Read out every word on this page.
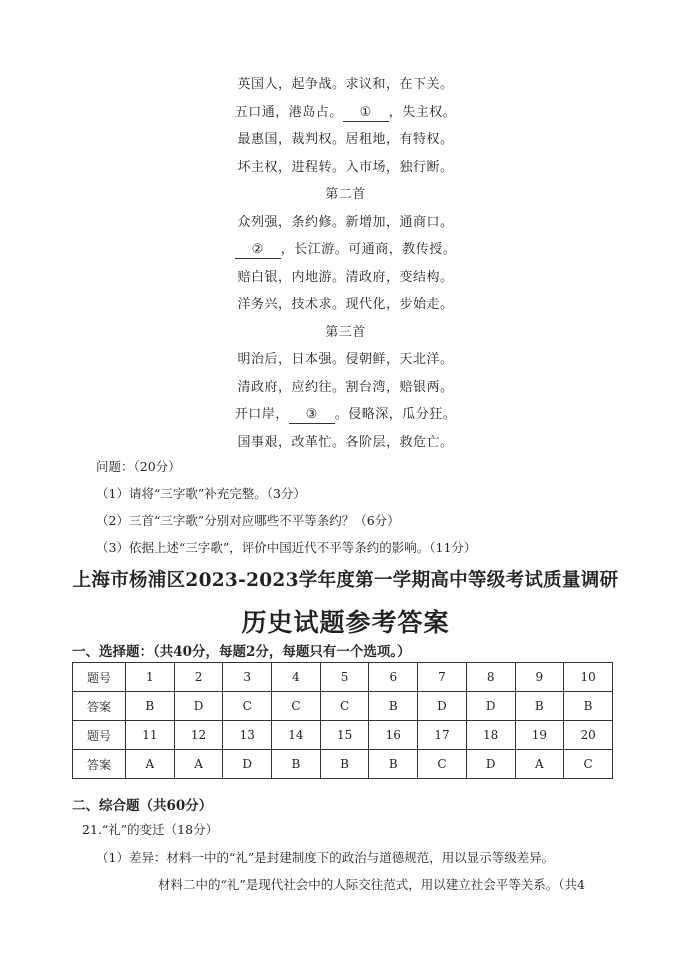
英国人，起争战。求议和，在下关。
五口通，港岛占。 ① ，失主权。
最惠国，裁判权。居租地，有特权。
坏主权，进程转。入市场，独行断。
第二首
众列强，条约修。新增加，通商口。
② ，长江游。可通商，教传授。
赔白银，内地游。清政府，变结构。
洋务兴，技术求。现代化，步始走。
第三首
明治后，日本强。侵朝鲜，天北洋。
清政府，应约往。割台湾，赔银两。
开口岸， ③ 。侵略深，瓜分狂。
国事艰，改革忙。各阶层，救危亡。
问题：（20分）
（1）请将“三字歌”补充完整。（3分）
（2）三首“三字歌”分别对应哪些不平等条约？（6分）
（3）依据上述“三字歌”，评价中国近代不平等条约的影响。（11分）
上海市杨浦区2023-2023学年度第一学期高中等级考试质量调研
历史试题参考答案
一、选择题：（共40分，每题2分，每题只有一个选项。）
题号	1	2	3	4	5	6	7	8	9	10
答案	B	D	C	C	C	B	D	D	B	B
题号	11	12	13	14	15	16	17	18	19	20
答案	A	A	D	B	B	B	C	D	A	C
二、综合题（共60分）
21.“礼”的变迁（18分）
（1）差异：材料一中的“礼”是封建制度下的政治与道德规范，用以显示等级差异。
材料二中的“礼”是现代社会中的人际交往范式，用以建立社会平等关系。（共4
